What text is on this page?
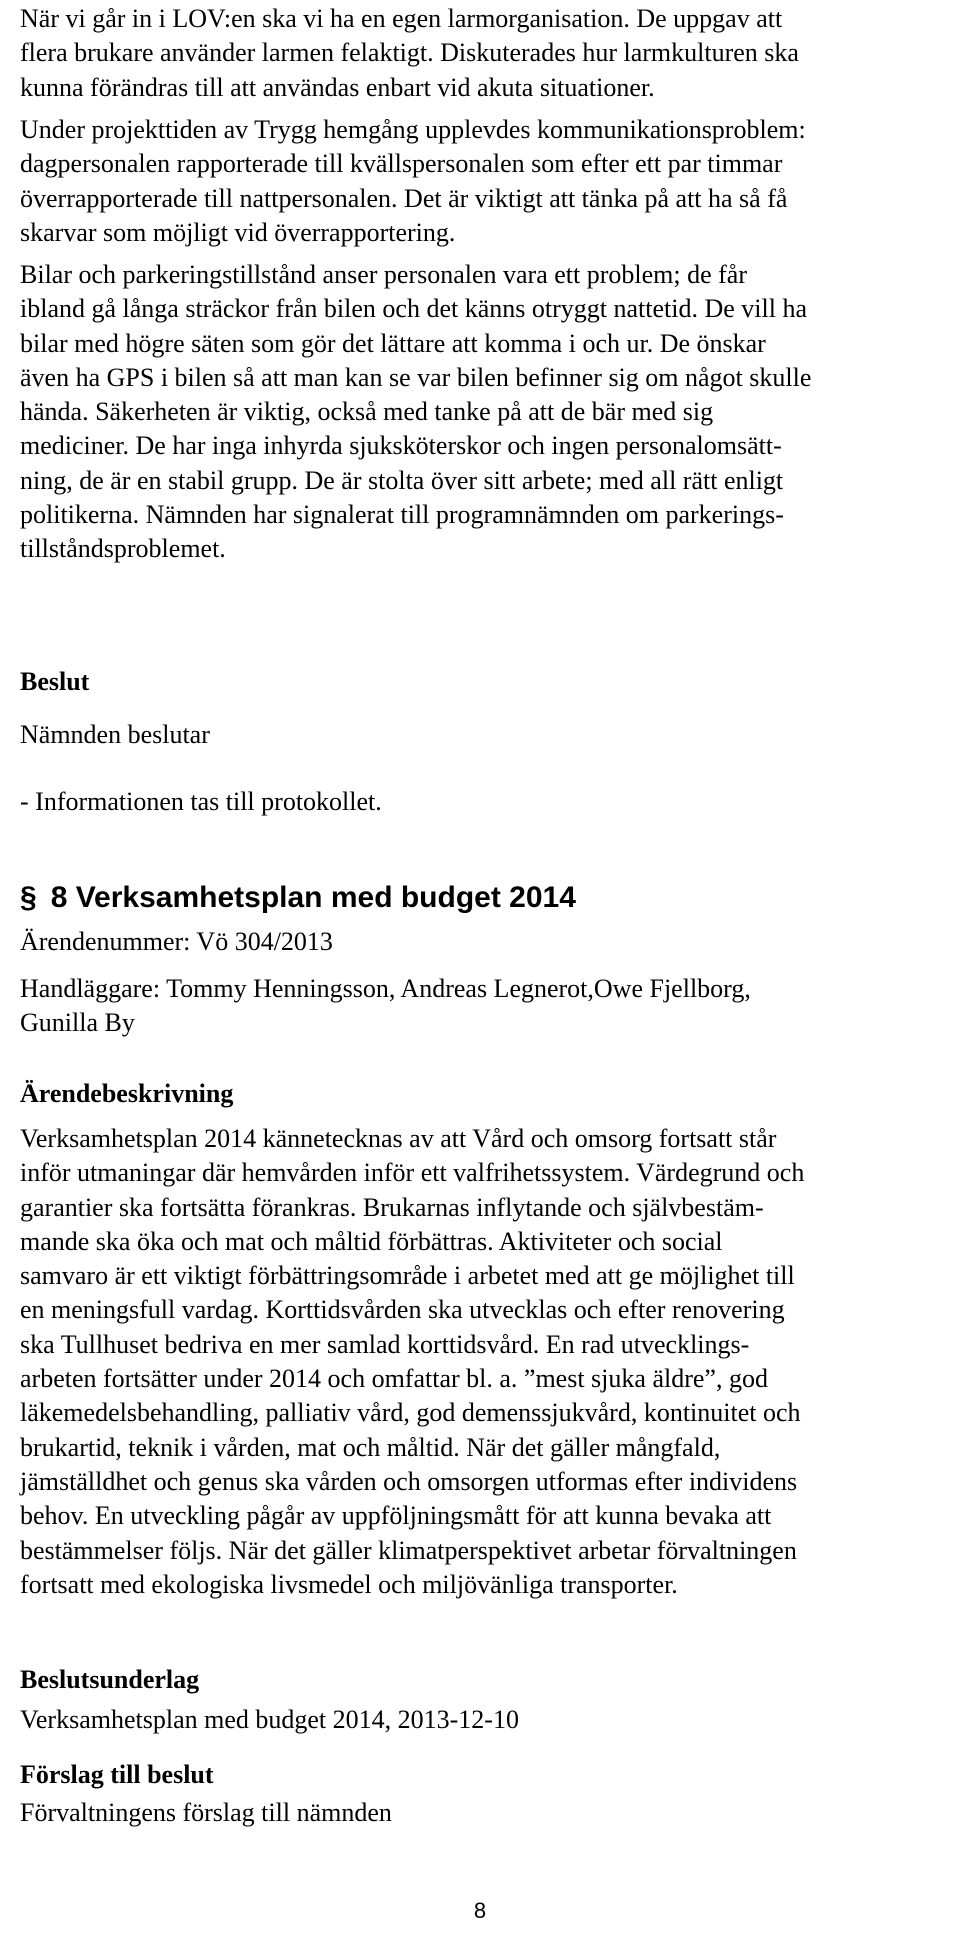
När vi går in i LOV:en ska vi ha en egen larmorganisation. De uppgav att
flera brukare använder larmen felaktigt. Diskuterades hur larmkulturen ska
kunna förändras till att användas enbart vid akuta situationer.

Under projekttiden av Trygg hemgång upplevdes kommunikationsproblem:
dagpersonalen rapporterade till kvällspersonalen som efter ett par timmar
överrapporterade till nattpersonalen. Det är viktigt att tänka på att ha så få
skarvar som möjligt vid överrapportering.

Bilar och parkeringstillstånd anser personalen vara ett problem; de får
ibland gå långa sträckor från bilen och det känns otryggt nattetid. De vill ha
bilar med högre säten som gör det lättare att komma i och ur. De önskar
även ha GPS i bilen så att man kan se var bilen befinner sig om något skulle
hända. Säkerheten är viktig, också med tanke på att de bär med sig
mediciner. De har inga inhyrda sjuksköterskor och ingen personalomsätt-
ning, de är en stabil grupp. De är stolta över sitt arbete; med all rätt enligt
politikerna. Nämnden har signalerat till programnämnden om parkerings-
tillståndsproblemet.

Beslut

Nämnden beslutar

- Informationen tas till protokollet.

§ 8 Verksamhetsplan med budget 2014

Ärendenummer: Vö 304/2013

Handläggare: Tommy Henningsson, Andreas Legnerot,Owe Fjellborg,
Gunilla By

Ärendebeskrivning

Verksamhetsplan 2014 kännetecknas av att Vård och omsorg fortsatt står
inför utmaningar där hemvården inför ett valfrihetssystem. Värdegrund och
garantier ska fortsätta förankras. Brukarnas inflytande och självbestäm-
mande ska öka och mat och måltid förbättras. Aktiviteter och social
samvaro är ett viktigt förbättringsområde i arbetet med att ge möjlighet till
en meningsfull vardag. Korttidsvården ska utvecklas och efter renovering
ska Tullhuset bedriva en mer samlad korttidsvård. En rad utvecklings-
arbeten fortsätter under 2014 och omfattar bl. a. ”mest sjuka äldre”, god
läkemedelsbehandling, palliativ vård, god demenssjukvård, kontinuitet och
brukartid, teknik i vården, mat och måltid. När det gäller mångfald,
jämställdhet och genus ska vården och omsorgen utformas efter individens
behov. En utveckling pågår av uppföljningsmått för att kunna bevaka att
bestämmelser följs. När det gäller klimatperspektivet arbetar förvaltningen
fortsatt med ekologiska livsmedel och miljövänliga transporter.

Beslutsunderlag

Verksamhetsplan med budget 2014, 2013-12-10

Förslag till beslut

Förvaltningens förslag till nämnden

8
